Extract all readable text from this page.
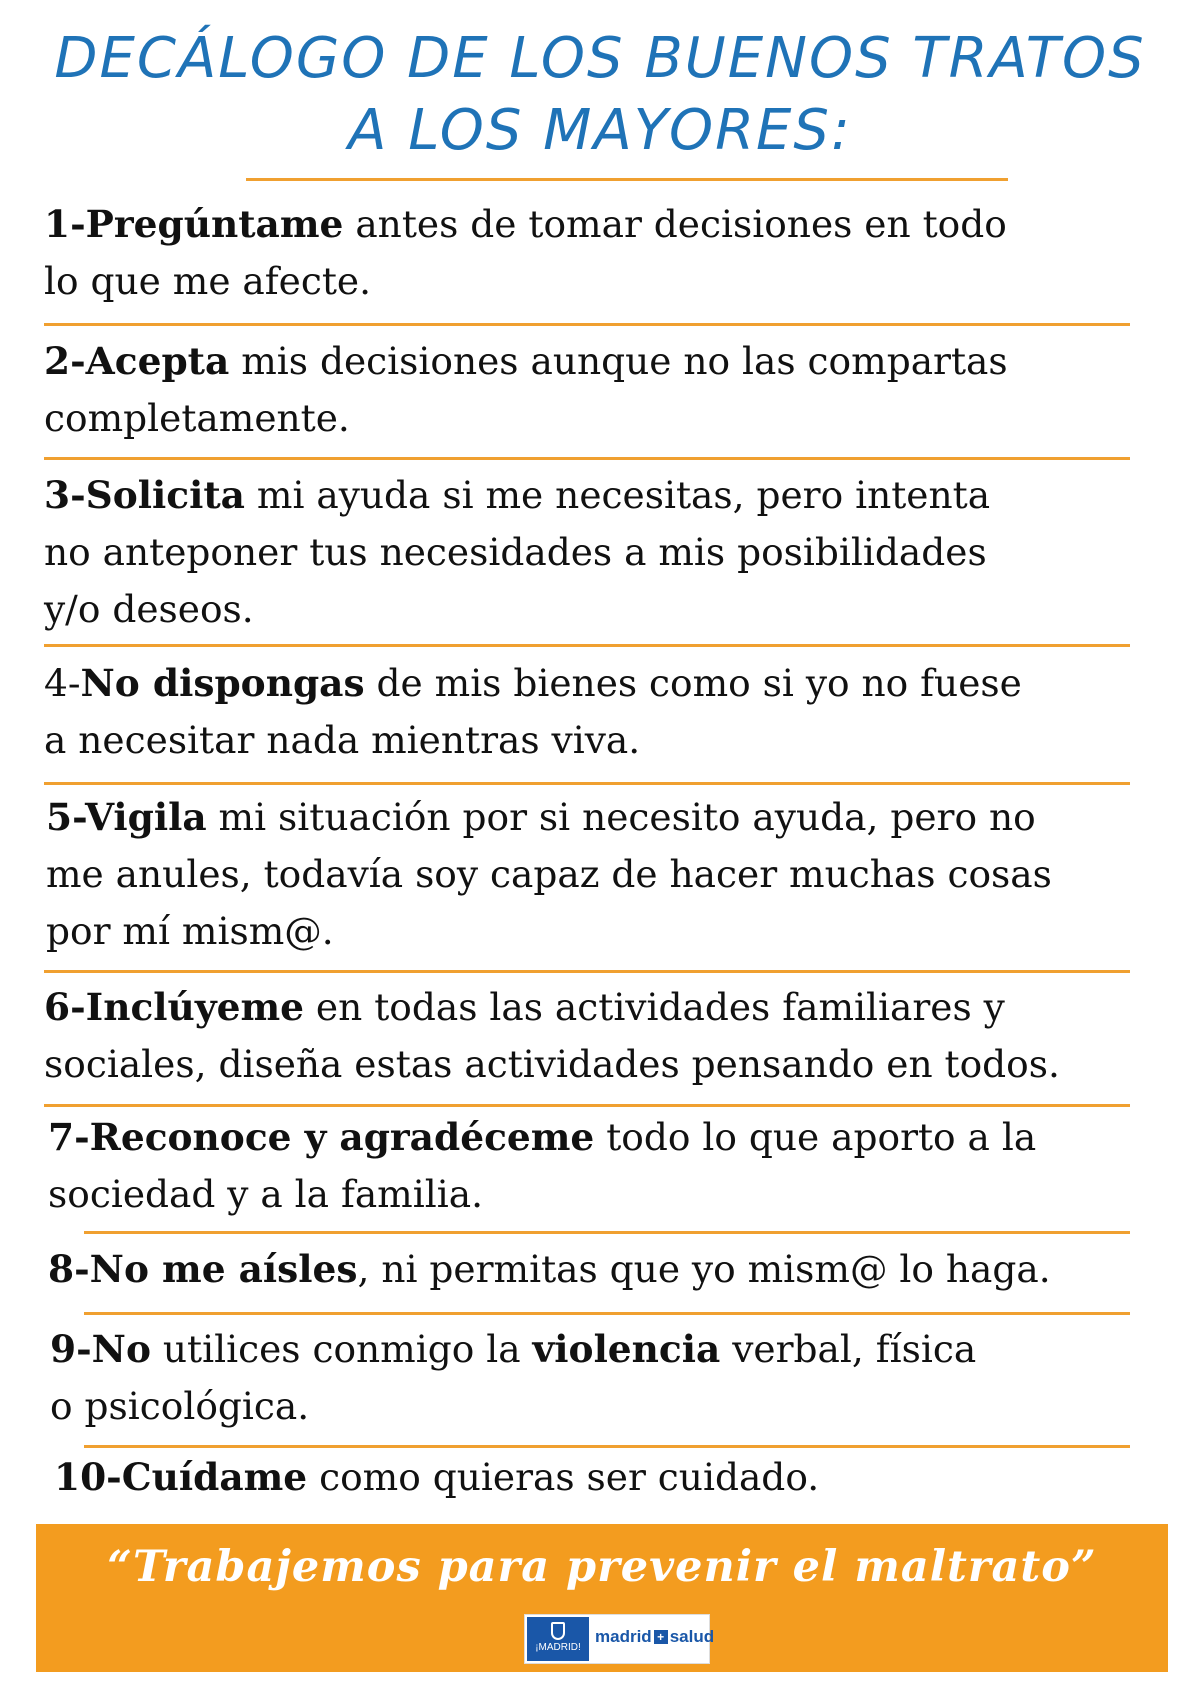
DECÁLOGO DE LOS BUENOS TRATOS
A LOS MAYORES:
1-Pregúntame antes de tomar decisiones en todo
lo que me afecte.
2-Acepta mis decisiones aunque no las compartas
completamente.
3-Solicita mi ayuda si me necesitas, pero intenta
no anteponer tus necesidades a mis posibilidades
y/o deseos.
4-No dispongas de mis bienes como si yo no fuese
a necesitar nada mientras viva.
5-Vigila mi situación por si necesito ayuda, pero no
me anules, todavía soy capaz de hacer muchas cosas
por mí mism@.
6-Inclúyeme en todas las actividades familiares y
sociales, diseña estas actividades pensando en todos.
7-Reconoce y agradéceme todo lo que aporto a la
sociedad y a la familia.
8-No me aísles, ni permitas que yo mism@ lo haga.
9-No utilices conmigo la violencia verbal, física
o psicológica.
10-Cuídame como quieras ser cuidado.
“Trabajemos para prevenir el maltrato”
¡MADRID!
madrid + salud
